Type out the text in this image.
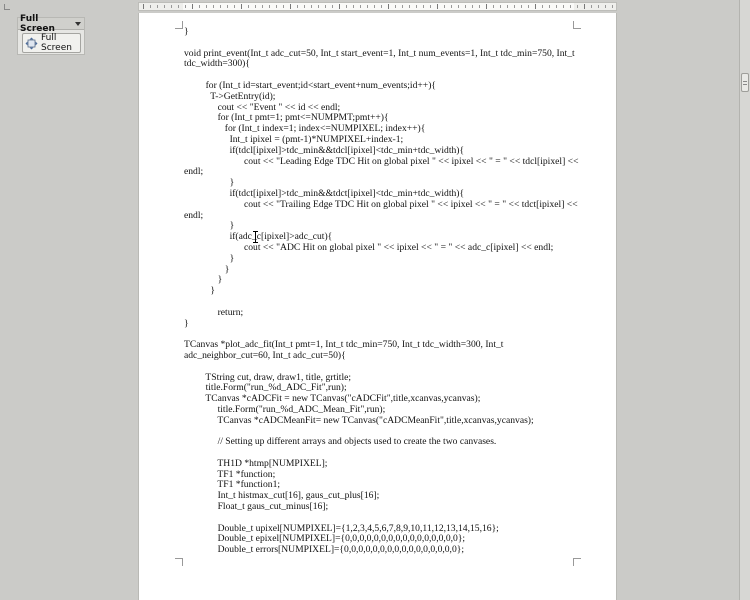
Full Screen
Full Screen
}
void print_event(Int_t adc_cut=50, Int_t start_event=1, Int_t num_events=1, Int_t tdc_min=750, Int_t
tdc_width=300){
for (Int_t id=start_event;id<start_event+num_events;id++){
T->GetEntry(id);
cout << "Event " << id << endl;
for (Int_t pmt=1; pmt<=NUMPMT;pmt++){
for (Int_t index=1; index<=NUMPIXEL; index++){
Int_t ipixel = (pmt-1)*NUMPIXEL+index-1;
if(tdcl[ipixel]>tdc_min&&tdcl[ipixel]<tdc_min+tdc_width){
cout << "Leading Edge TDC Hit on global pixel " << ipixel << " = " << tdcl[ipixel] <<
endl;
}
if(tdct[ipixel]>tdc_min&&tdct[ipixel]<tdc_min+tdc_width){
cout << "Trailing Edge TDC Hit on global pixel " << ipixel << " = " << tdct[ipixel] <<
endl;
}
if(adc_c[ipixel]>adc_cut){
cout << "ADC Hit on global pixel " << ipixel << " = " << adc_c[ipixel] << endl;
}
}
}
}
return;
}
TCanvas *plot_adc_fit(Int_t pmt=1, Int_t tdc_min=750, Int_t tdc_width=300, Int_t
adc_neighbor_cut=60, Int_t adc_cut=50){
TString cut, draw, draw1, title, grtitle;
title.Form("run_%d_ADC_Fit",run);
TCanvas *cADCFit = new TCanvas("cADCFit",title,xcanvas,ycanvas);
title.Form("run_%d_ADC_Mean_Fit",run);
TCanvas *cADCMeanFit= new TCanvas("cADCMeanFit",title,xcanvas,ycanvas);
// Setting up different arrays and objects used to create the two canvases.
TH1D *htmp[NUMPIXEL];
TF1 *function;
TF1 *function1;
Int_t histmax_cut[16], gaus_cut_plus[16];
Float_t gaus_cut_minus[16];
Double_t upixel[NUMPIXEL]={1,2,3,4,5,6,7,8,9,10,11,12,13,14,15,16};
Double_t epixel[NUMPIXEL]={0,0,0,0,0,0,0,0,0,0,0,0,0,0,0,0};
Double_t errors[NUMPIXEL]={0,0,0,0,0,0,0,0,0,0,0,0,0,0,0,0};
